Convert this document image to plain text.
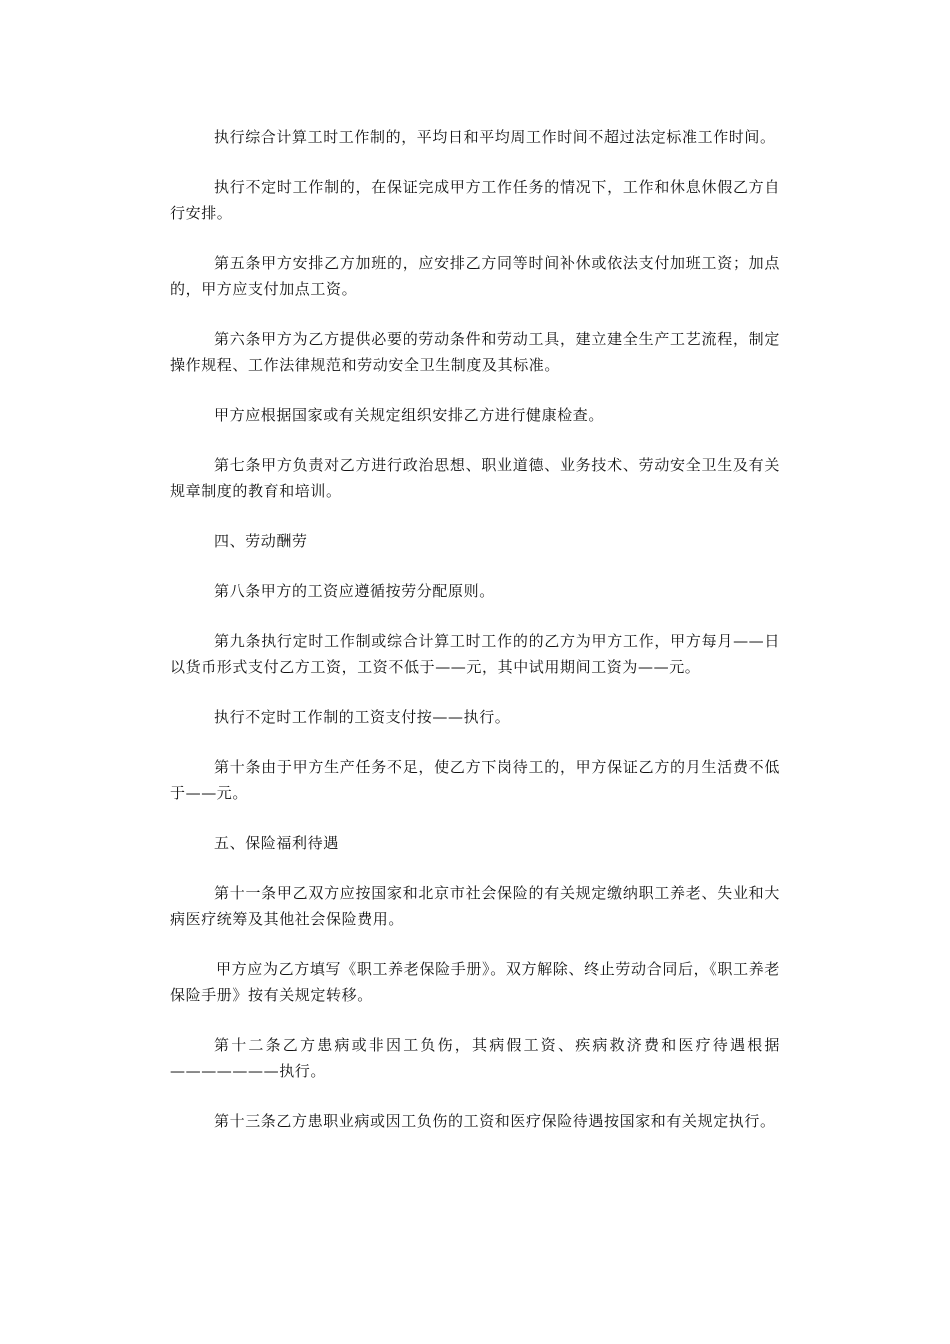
执行综合计算工时工作制的，平均日和平均周工作时间不超过法定标准工作时间。

执行不定时工作制的，在保证完成甲方工作任务的情况下，工作和休息休假乙方自行安排。

第五条甲方安排乙方加班的，应安排乙方同等时间补休或依法支付加班工资；加点的，甲方应支付加点工资。

第六条甲方为乙方提供必要的劳动条件和劳动工具，建立建全生产工艺流程，制定操作规程、工作法律规范和劳动安全卫生制度及其标准。

甲方应根据国家或有关规定组织安排乙方进行健康检查。

第七条甲方负责对乙方进行政治思想、职业道德、业务技术、劳动安全卫生及有关规章制度的教育和培训。

四、劳动酬劳

第八条甲方的工资应遵循按劳分配原则。

第九条执行定时工作制或综合计算工时工作的的乙方为甲方工作，甲方每月——日以货币形式支付乙方工资，工资不低于——元，其中试用期间工资为——元。

执行不定时工作制的工资支付按——执行。

第十条由于甲方生产任务不足，使乙方下岗待工的，甲方保证乙方的月生活费不低于——元。

五、保险福利待遇

第十一条甲乙双方应按国家和北京市社会保险的有关规定缴纳职工养老、失业和大病医疗统筹及其他社会保险费用。

甲方应为乙方填写《职工养老保险手册》。双方解除、终止劳动合同后，《职工养老保险手册》按有关规定转移。

第十二条乙方患病或非因工负伤，其病假工资、疾病救济费和医疗待遇根据———————执行。

第十三条乙方患职业病或因工负伤的工资和医疗保险待遇按国家和有关规定执行。
